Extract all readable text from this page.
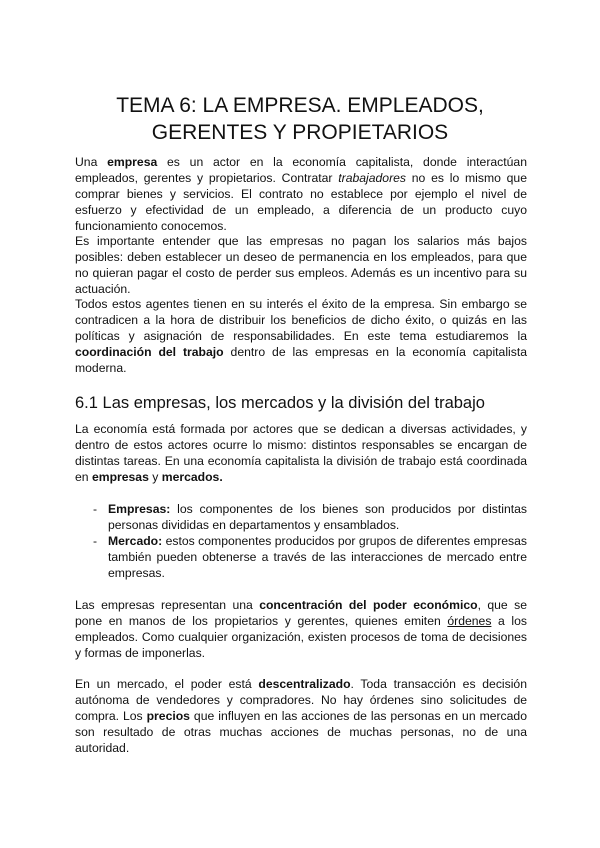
TEMA 6: LA EMPRESA. EMPLEADOS,
GERENTES Y PROPIETARIOS

Una empresa es un actor en la economía capitalista, donde interactúan empleados, gerentes y propietarios. Contratar trabajadores no es lo mismo que comprar bienes y servicios. El contrato no establece por ejemplo el nivel de esfuerzo y efectividad de un empleado, a diferencia de un producto cuyo funcionamiento conocemos.

Es importante entender que las empresas no pagan los salarios más bajos posibles: deben establecer un deseo de permanencia en los empleados, para que no quieran pagar el costo de perder sus empleos. Además es un incentivo para su actuación.

Todos estos agentes tienen en su interés el éxito de la empresa. Sin embargo se contradicen a la hora de distribuir los beneficios de dicho éxito, o quizás en las políticas y asignación de responsabilidades. En este tema estudiaremos la coordinación del trabajo dentro de las empresas en la economía capitalista moderna.

6.1 Las empresas, los mercados y la división del trabajo

La economía está formada por actores que se dedican a diversas actividades, y dentro de estos actores ocurre lo mismo: distintos responsables se encargan de distintas tareas. En una economía capitalista la división de trabajo está coordinada en empresas y mercados.

- Empresas: los componentes de los bienes son producidos por distintas personas divididas en departamentos y ensamblados.
- Mercado: estos componentes producidos por grupos de diferentes empresas también pueden obtenerse a través de las interacciones de mercado entre empresas.

Las empresas representan una concentración del poder económico, que se pone en manos de los propietarios y gerentes, quienes emiten órdenes a los empleados. Como cualquier organización, existen procesos de toma de decisiones y formas de imponerlas.

En un mercado, el poder está descentralizado. Toda transacción es decisión autónoma de vendedores y compradores. No hay órdenes sino solicitudes de compra. Los precios que influyen en las acciones de las personas en un mercado son resultado de otras muchas acciones de muchas personas, no de una autoridad.
